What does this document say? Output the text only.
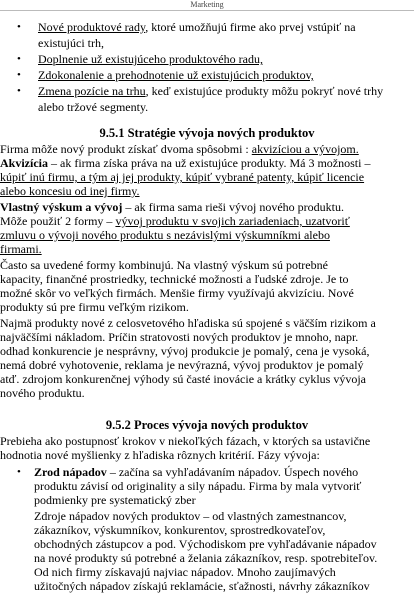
Marketing
• Nové produktové rady, ktoré umožňujú firme ako prvej vstúpiť na
existujúci trh,
• Doplnenie už existujúceho produktového radu,
• Zdokonalenie a prehodnotenie už existujúcich produktov,
• Zmena pozície na trhu, keď existujúce produkty môžu pokryť nové trhy
alebo tržové segmenty.
9.5.1 Stratégie vývoja nových produktov
Firma môže nový produkt získať dvoma spôsobmi : akvizíciou a vývojom.
Akvizícia – ak firma získa práva na už existujúce produkty. Má 3 možnosti –
kúpiť inú firmu, a tým aj jej produkty, kúpiť vybrané patenty, kúpiť licencie
alebo koncesiu od inej firmy.
Vlastný výskum a vývoj – ak firma sama rieši vývoj nového produktu.
Môže použiť 2 formy – vývoj produktu v svojich zariadeniach, uzatvoriť
zmluvu o vývoji nového produktu s nezávislými výskumníkmi alebo
firmami.
Často sa uvedené formy kombinujú. Na vlastný výskum sú potrebné
kapacity, finančné prostriedky, technické možnosti a ľudské zdroje. Je to
možné skôr vo veľkých firmách. Menšie firmy využívajú akvizíciu. Nové
produkty sú pre firmu veľkým rizikom.
Najmä produkty nové z celosvetového hľadiska sú spojené s väčším rizikom a
najväčšími nákladom. Príčin stratovosti nových produktov je mnoho, napr.
odhad konkurencie je nesprávny, vývoj produkcie je pomalý, cena je vysoká,
nemá dobré vyhotovenie, reklama je nevýrazná, vývoj produktov je pomalý
atď. zdrojom konkurenčnej výhody sú časté inovácie a krátky cyklus vývoja
nového produktu.
9.5.2 Proces vývoja nových produktov
Prebieha ako postupnosť krokov v niekoľkých fázach, v ktorých sa ustavične
hodnotia nové myšlienky z hľadiska rôznych kritérií. Fázy vývoja:
• Zrod nápadov – začína sa vyhľadávaním nápadov. Úspech nového
produktu závisí od originality a sily nápadu. Firma by mala vytvoriť
podmienky pre systematický zber
Zdroje nápadov nových produktov – od vlastných zamestnancov,
zákazníkov, výskumníkov, konkurentov, sprostredkovateľov,
obchodných zástupcov a pod. Východiskom pre vyhľadávanie nápadov
na nové produkty sú potrebné a želania zákazníkov, resp. spotrebiteľov.
Od nich firmy získavajú najviac nápadov. Mnoho zaujímavých
užitočných nápadov získajú reklamácie, sťažnosti, návrhy zákazníkov
